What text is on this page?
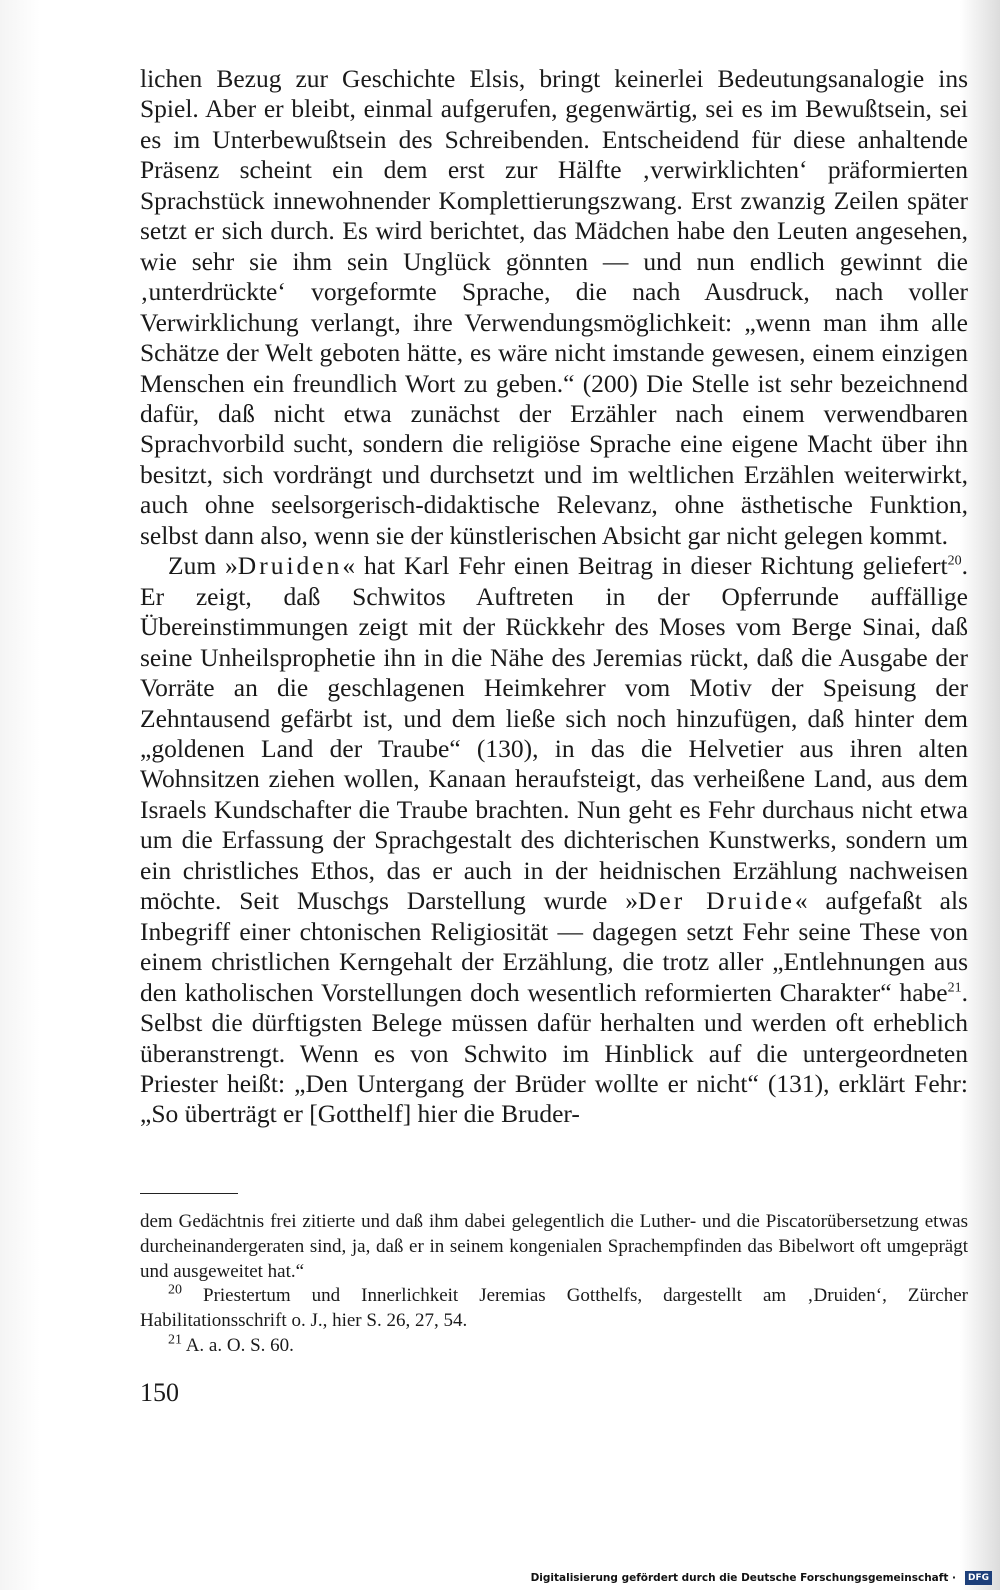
lichen Bezug zur Geschichte Elsis, bringt keinerlei Bedeutungsanalogie ins Spiel. Aber er bleibt, einmal aufgerufen, gegenwärtig, sei es im Bewußtsein, sei es im Unterbewußtsein des Schreibenden. Entscheidend für diese anhaltende Präsenz scheint ein dem erst zur Hälfte ‚verwirklichten‘ präformierten Sprachstück innewohnender Komplettierungszwang. Erst zwanzig Zeilen später setzt er sich durch. Es wird berichtet, das Mädchen habe den Leuten angesehen, wie sehr sie ihm sein Unglück gönnten — und nun endlich gewinnt die ‚unterdrückte‘ vorgeformte Sprache, die nach Ausdruck, nach voller Verwirklichung verlangt, ihre Verwendungsmöglichkeit: „wenn man ihm alle Schätze der Welt geboten hätte, es wäre nicht imstande gewesen, einem einzigen Menschen ein freundlich Wort zu geben.“ (200) Die Stelle ist sehr bezeichnend dafür, daß nicht etwa zunächst der Erzähler nach einem verwendbaren Sprachvorbild sucht, sondern die religiöse Sprache eine eigene Macht über ihn besitzt, sich vordrängt und durchsetzt und im weltlichen Erzählen weiterwirkt, auch ohne seelsorgerisch-didaktische Relevanz, ohne ästhetische Funktion, selbst dann also, wenn sie der künstlerischen Absicht gar nicht gelegen kommt.

Zum »Druiden« hat Karl Fehr einen Beitrag in dieser Richtung geliefert$^{20}$. Er zeigt, daß Schwitos Auftreten in der Opferrunde auffällige Übereinstimmungen zeigt mit der Rückkehr des Moses vom Berge Sinai, daß seine Unheilsprophetie ihn in die Nähe des Jeremias rückt, daß die Ausgabe der Vorräte an die geschlagenen Heimkehrer vom Motiv der Speisung der Zehntausend gefärbt ist, und dem ließe sich noch hinzufügen, daß hinter dem „goldenen Land der Traube“ (130), in das die Helvetier aus ihren alten Wohnsitzen ziehen wollen, Kanaan heraufsteigt, das verheißene Land, aus dem Israels Kundschafter die Traube brachten. Nun geht es Fehr durchaus nicht etwa um die Erfassung der Sprachgestalt des dichterischen Kunstwerks, sondern um ein christliches Ethos, das er auch in der heidnischen Erzählung nachweisen möchte. Seit Muschgs Darstellung wurde »Der Druide« aufgefaßt als Inbegriff einer chtonischen Religiosität — dagegen setzt Fehr seine These von einem christlichen Kerngehalt der Erzählung, die trotz aller „Entlehnungen aus den katholischen Vorstellungen doch wesentlich reformierten Charakter“ habe$^{21}$. Selbst die dürftigsten Belege müssen dafür herhalten und werden oft erheblich überanstrengt. Wenn es von Schwito im Hinblick auf die untergeordneten Priester heißt: „Den Untergang der Brüder wollte er nicht“ (131), erklärt Fehr: „So überträgt er [Gotthelf] hier die Bruder-

dem Gedächtnis frei zitierte und daß ihm dabei gelegentlich die Luther- und die Piscatorübersetzung etwas durcheinandergeraten sind, ja, daß er in seinem kongenialen Sprachempfinden das Bibelwort oft umgeprägt und ausgeweitet hat.“

$^{20}$ Priestertum und Innerlichkeit Jeremias Gotthelfs, dargestellt am ‚Druiden‘, Zürcher Habilitationsschrift o. J., hier S. 26, 27, 54.

$^{21}$ A. a. O. S. 60.

150
Digitalisierung gefördert durch die Deutsche Forschungsgemeinschaft ·	DFG
